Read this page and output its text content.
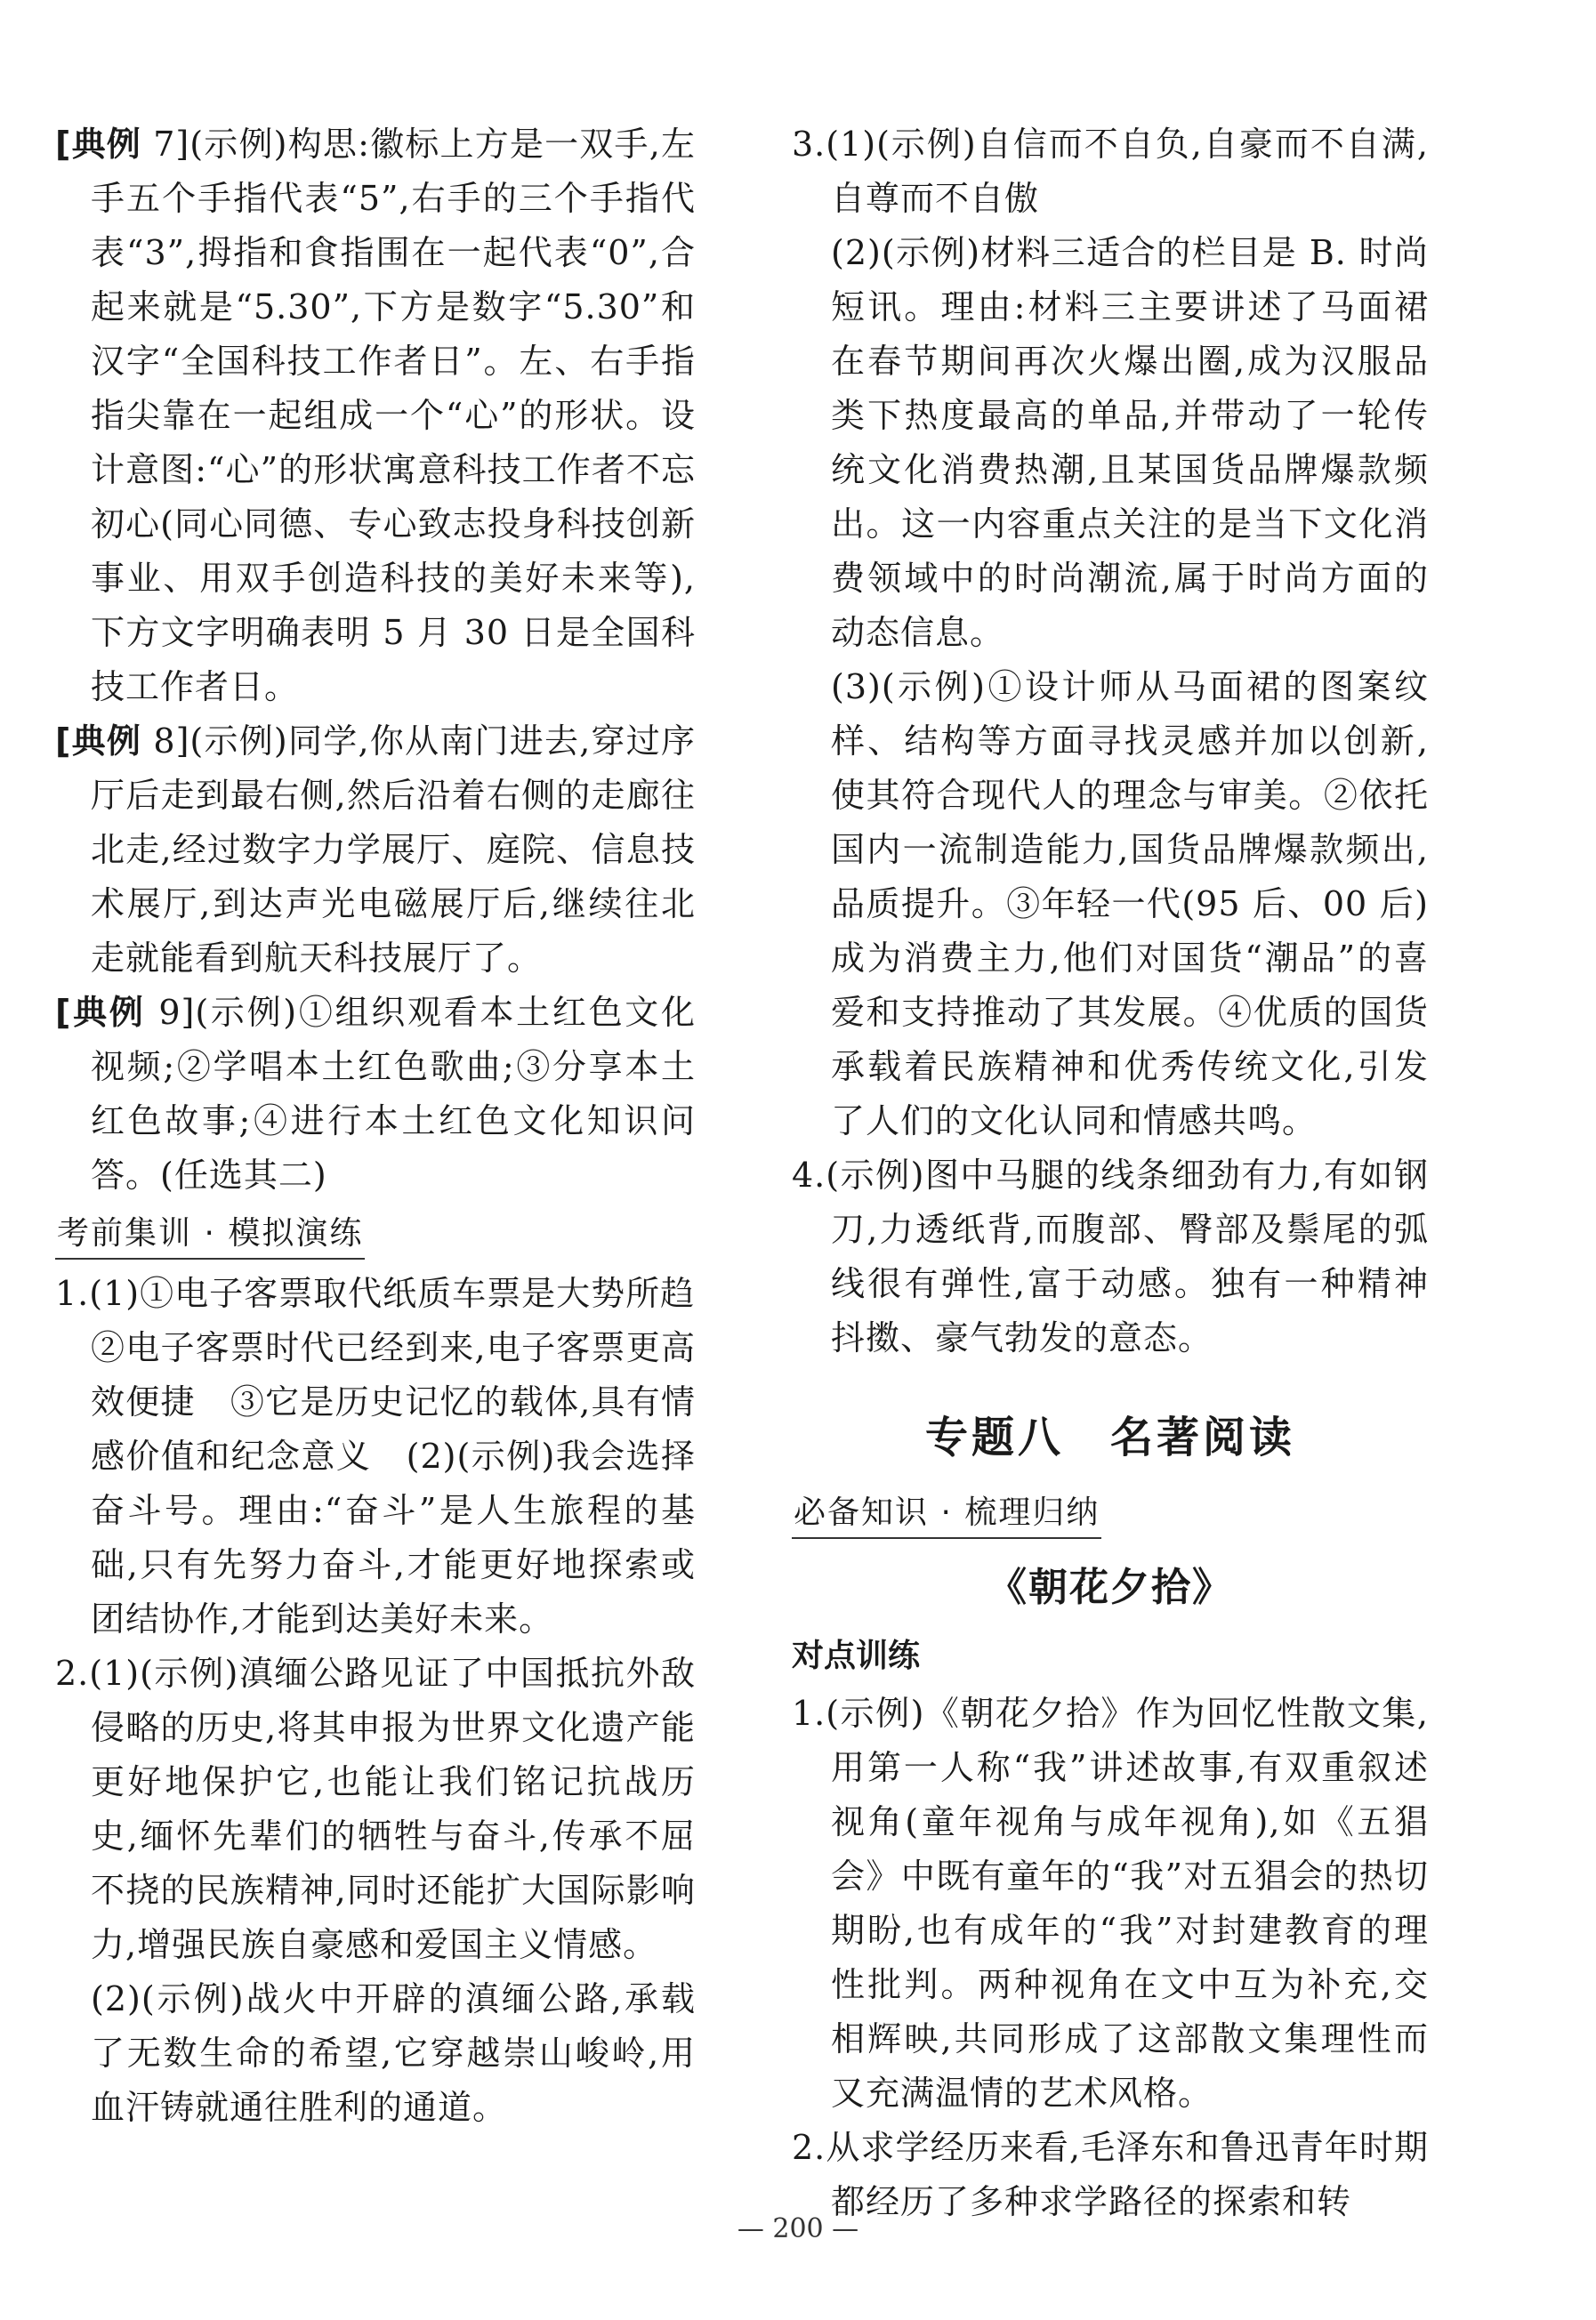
[典例 7](示例)构思:徽标上方是一双手,左手五个手指代表“5”,右手的三个手指代表“3”,拇指和食指围在一起代表“0”,合起来就是“5.30”,下方是数字“5.30”和汉字“全国科技工作者日”。左、右手指指尖靠在一起组成一个“心”的形状。设计意图:“心”的形状寓意科技工作者不忘初心(同心同德、专心致志投身科技创新事业、用双手创造科技的美好未来等),下方文字明确表明 5 月 30 日是全国科技工作者日。
[典例 8](示例)同学,你从南门进去,穿过序厅后走到最右侧,然后沿着右侧的走廊往北走,经过数字力学展厅、庭院、信息技术展厅,到达声光电磁展厅后,继续往北走就能看到航天科技展厅了。
[典例 9](示例)①组织观看本土红色文化视频;②学唱本土红色歌曲;③分享本土红色故事;④进行本土红色文化知识问答。(任选其二)
考前集训 · 模拟演练
1.(1)①电子客票取代纸质车票是大势所趋
②电子客票时代已经到来,电子客票更高效便捷　③它是历史记忆的载体,具有情感价值和纪念意义　(2)(示例)我会选择奋斗号。理由:“奋斗”是人生旅程的基础,只有先努力奋斗,才能更好地探索或团结协作,才能到达美好未来。
2.(1)(示例)滇缅公路见证了中国抵抗外敌侵略的历史,将其申报为世界文化遗产能更好地保护它,也能让我们铭记抗战历史,缅怀先辈们的牺牲与奋斗,传承不屈不挠的民族精神,同时还能扩大国际影响力,增强民族自豪感和爱国主义情感。
(2)(示例)战火中开辟的滇缅公路,承载了无数生命的希望,它穿越崇山峻岭,用血汗铸就通往胜利的通道。
3.(1)(示例)自信而不自负,自豪而不自满,自尊而不自傲
(2)(示例)材料三适合的栏目是 B. 时尚短讯。理由:材料三主要讲述了马面裙在春节期间再次火爆出圈,成为汉服品类下热度最高的单品,并带动了一轮传统文化消费热潮,且某国货品牌爆款频出。这一内容重点关注的是当下文化消费领域中的时尚潮流,属于时尚方面的动态信息。
(3)(示例)①设计师从马面裙的图案纹样、结构等方面寻找灵感并加以创新,使其符合现代人的理念与审美。②依托国内一流制造能力,国货品牌爆款频出,品质提升。③年轻一代(95 后、00 后)成为消费主力,他们对国货“潮品”的喜爱和支持推动了其发展。④优质的国货承载着民族精神和优秀传统文化,引发了人们的文化认同和情感共鸣。
4.(示例)图中马腿的线条细劲有力,有如钢刀,力透纸背,而腹部、臀部及鬃尾的弧线很有弹性,富于动感。独有一种精神抖擞、豪气勃发的意态。
专题八　名著阅读
必备知识 · 梳理归纳
《朝花夕拾》
对点训练
1.(示例)《朝花夕拾》作为回忆性散文集,用第一人称“我”讲述故事,有双重叙述视角(童年视角与成年视角),如《五猖会》中既有童年的“我”对五猖会的热切期盼,也有成年的“我”对封建教育的理性批判。两种视角在文中互为补充,交相辉映,共同形成了这部散文集理性而又充满温情的艺术风格。
2.从求学经历来看,毛泽东和鲁迅青年时期都经历了多种求学路径的探索和转
— 200 —
